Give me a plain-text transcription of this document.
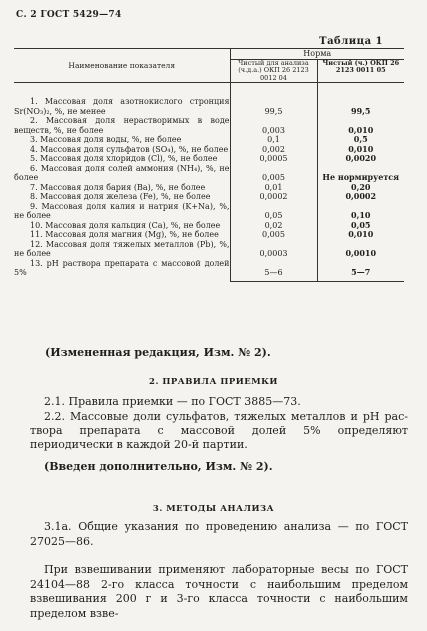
С. 2 ГОСТ 5429—74
Таблица 1
Наименование показателя	Норма	
	Чистый для анализа (ч.д.а.) ОКП 26 2123 0012 04	Чистый (ч.) ОКП 26 2123 0011 05

1. Массовая доля азотнокислого стронция Sr(NO₃)₂, %, не менее	99,5	99,5
2. Массовая доля нерастворимых в воде веществ, %, не более	0,003	0,010
3. Массовая доля воды, %, не более	0,1	0,5
4. Массовая доля сульфатов (SO₄), %, не более	0,002	0,010
5. Массовая доля хлоридов (Cl), %, не более	0,0005	0,0020
6. Массовая доля солей аммония (NH₄), %, не более	0,005	Не нормируется
7. Массовая доля бария (Ba), %, не более	0,01	0,20
8. Массовая доля железа (Fe), %, не более	0,0002	0,0002
9. Массовая доля калия и натрия (K+Na), %, не более	0,05	0,10
10. Массовая доля кальция (Ca), %, не более	0,02	0,05
11. Массовая доля магния (Mg), %, не более	0,005	0,010
12. Массовая доля тяжелых металлов (Pb), %, не более	0,0003	0,0010
13. pH раствора препарата с массовой долей 5%	5—6	5—7

(Измененная редакция, Изм. № 2).
2. ПРАВИЛА ПРИЕМКИ
2.1. Правила приемки — по ГОСТ 3885—73.
2.2. Массовые доли сульфатов, тяжелых металлов и pH раствора препарата с массовой долей 5% определяют периодически в каждой 20-й партии.
(Введен дополнительно, Изм. № 2).
3. МЕТОДЫ АНАЛИЗА
3.1а. Общие указания по проведению анализа — по ГОСТ 27025—86.
При взвешивании применяют лабораторные весы по ГОСТ 24104—88 2-го класса точности с наибольшим пределом взвешивания 200 г и 3-го класса точности с наибольшим пределом взве-
